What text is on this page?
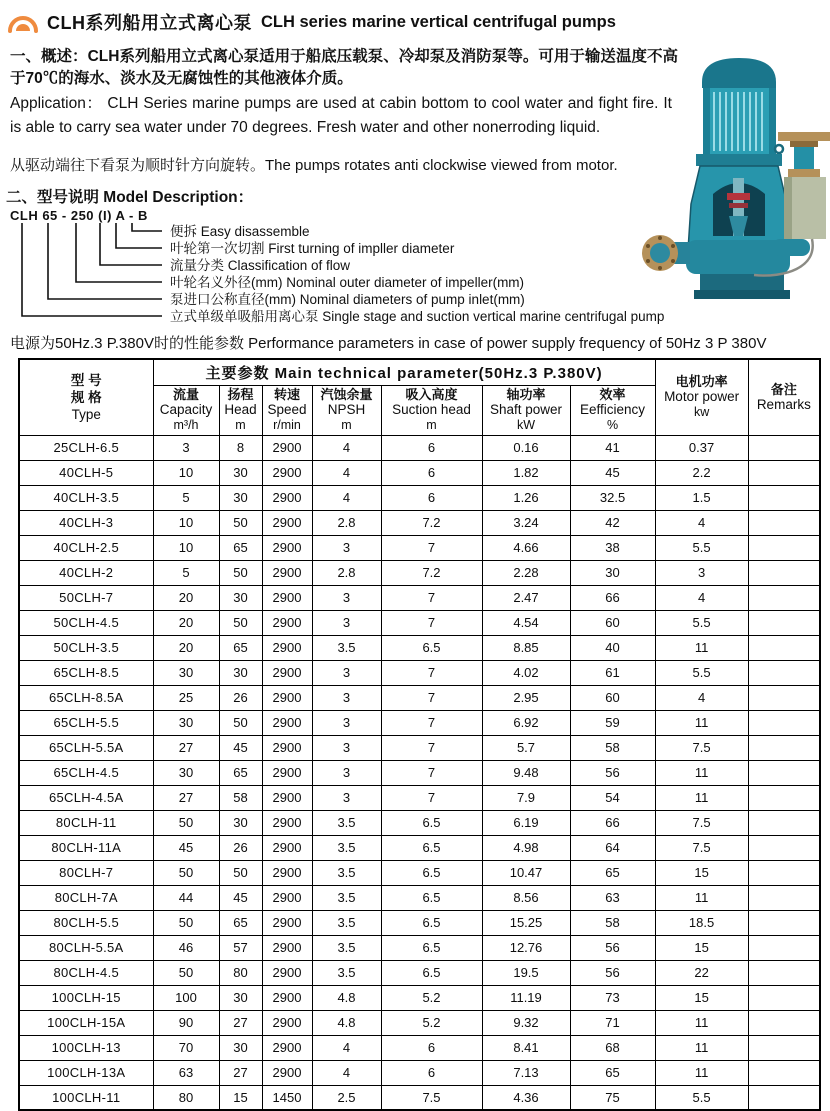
CLH系列船用立式离心泵 CLH series marine vertical centrifugal pumps

一、概述：CLH系列船用立式离心泵适用于船底压载泵、冷却泵及消防泵等。可用于输送温度不高于70℃的海水、淡水及无腐蚀性的其他液体介质。

Application： CLH Series marine pumps are used at cabin bottom to cool water and fight fire. It is able to carry sea water under 70 degrees. Fresh water and other nonerroding liquid.

从驱动端往下看泵为顺时针方向旋转。The pumps rotates anti clockwise viewed from motor.

二、型号说明 Model Description：
CLH 65 - 250 (I) A - B
便拆 Easy disassemble
叶轮第一次切割 First turning of impller diameter
流量分类 Classification of flow
叶轮名义外径(mm) Nominal outer diameter of impeller(mm)
泵进口公称直径(mm) Nominal diameters of pump inlet(mm)
立式单级单吸船用离心泵 Single stage and suction vertical marine centrifugal pump
电源为50Hz.3 P.380V时的性能参数 Performance parameters in case of power supply frequency of 50Hz 3 P 380V
型 号
规 格
Type
	主要参数 Main technical parameter(50Hz.3 P.380V)	电机功率
Motor power
kw

备注
Remarks

	流量
Capacity
m³/h	扬程
Head
m	转速
Speed
r/min	汽蚀余量
NPSH
m	吸入高度
Suction head
m	轴功率
Shaft power
kW	效率
Eefficiency
%		

25CLH-6.5	3	8	2900	4	6	0.16	41	0.37	
40CLH-5	10	30	2900	4	6	1.82	45	2.2	
40CLH-3.5	5	30	2900	4	6	1.26	32.5	1.5	
40CLH-3	10	50	2900	2.8	7.2	3.24	42	4	
40CLH-2.5	10	65	2900	3	7	4.66	38	5.5	
40CLH-2	5	50	2900	2.8	7.2	2.28	30	3	
50CLH-7	20	30	2900	3	7	2.47	66	4	
50CLH-4.5	20	50	2900	3	7	4.54	60	5.5	
50CLH-3.5	20	65	2900	3.5	6.5	8.85	40	11	
65CLH-8.5	30	30	2900	3	7	4.02	61	5.5	
65CLH-8.5A	25	26	2900	3	7	2.95	60	4	
65CLH-5.5	30	50	2900	3	7	6.92	59	11	
65CLH-5.5A	27	45	2900	3	7	5.7	58	7.5	
65CLH-4.5	30	65	2900	3	7	9.48	56	11	
65CLH-4.5A	27	58	2900	3	7	7.9	54	11	
80CLH-11	50	30	2900	3.5	6.5	6.19	66	7.5	
80CLH-11A	45	26	2900	3.5	6.5	4.98	64	7.5	
80CLH-7	50	50	2900	3.5	6.5	10.47	65	15	
80CLH-7A	44	45	2900	3.5	6.5	8.56	63	11	
80CLH-5.5	50	65	2900	3.5	6.5	15.25	58	18.5	
80CLH-5.5A	46	57	2900	3.5	6.5	12.76	56	15	
80CLH-4.5	50	80	2900	3.5	6.5	19.5	56	22	
100CLH-15	100	30	2900	4.8	5.2	11.19	73	15	
100CLH-15A	90	27	2900	4.8	5.2	9.32	71	11	
100CLH-13	70	30	2900	4	6	8.41	68	11	
100CLH-13A	63	27	2900	4	6	7.13	65	11	
100CLH-11	80	15	1450	2.5	7.5	4.36	75	5.5	
